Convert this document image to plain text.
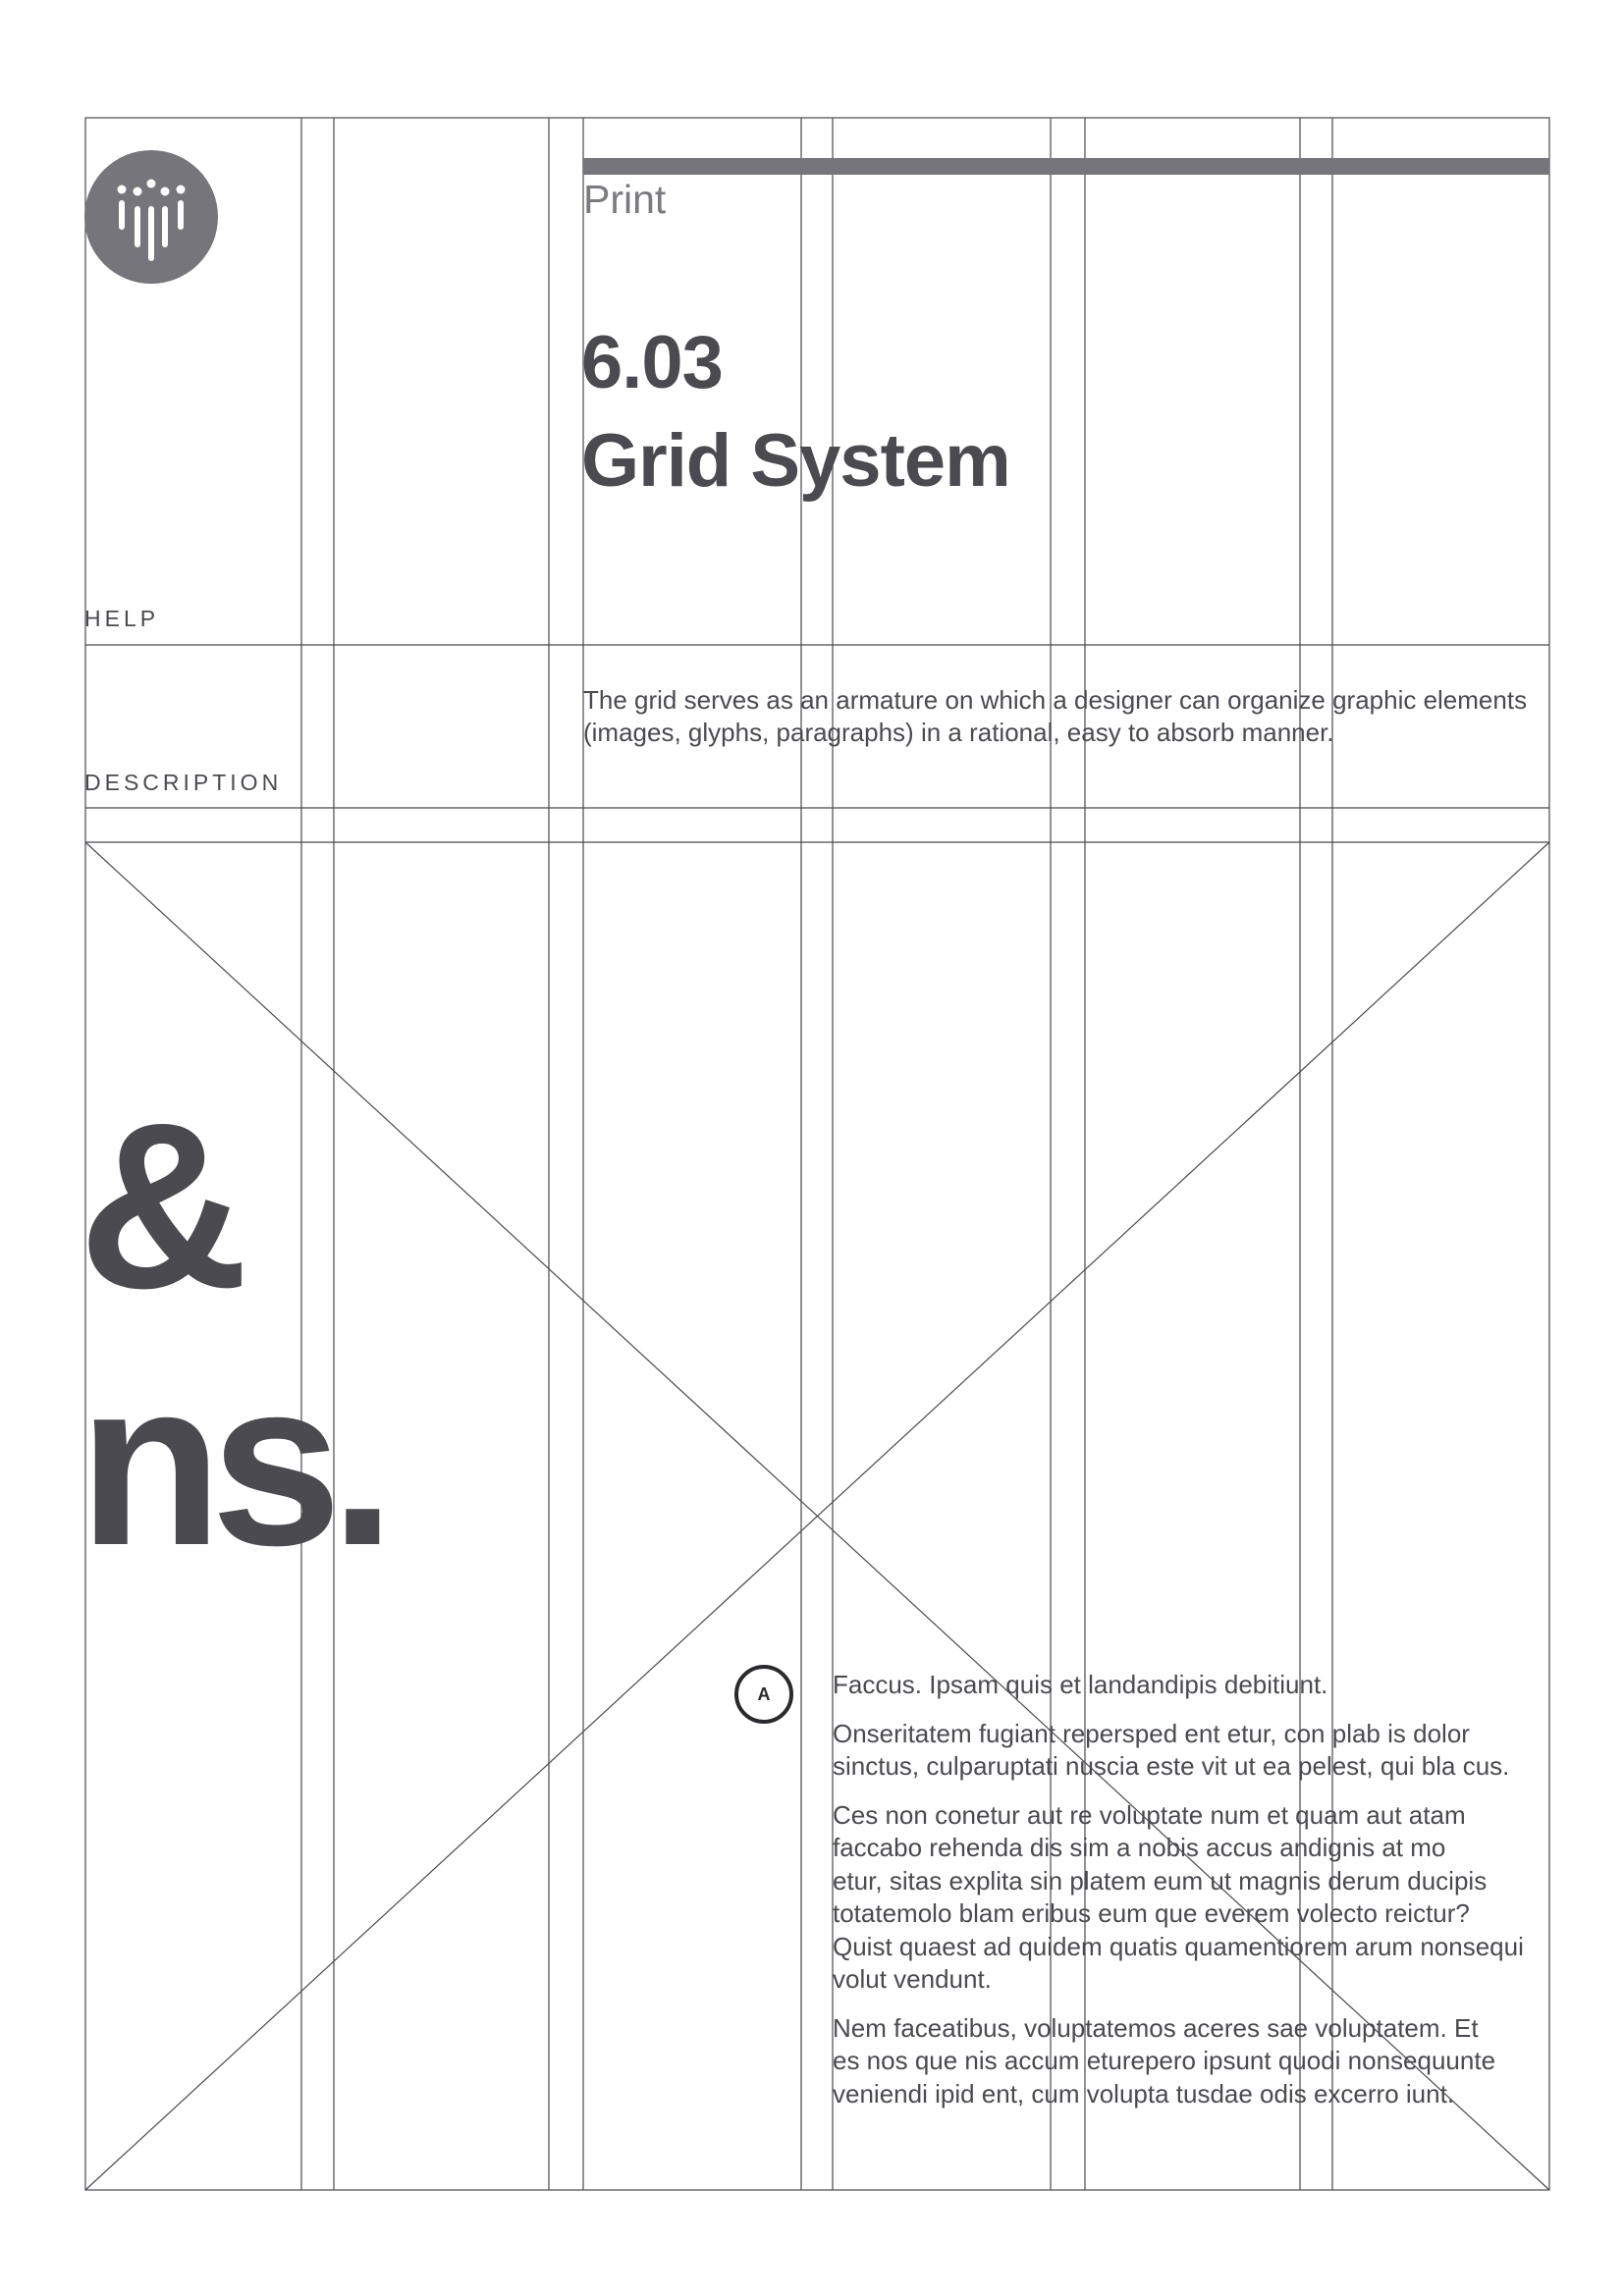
Print
6.03
Grid System
HELP
DESCRIPTION
The grid serves as an armature on which a designer can organize graphic elements
(images, glyphs, paragraphs) in a rational, easy to absorb manner.
&
ns.
A	Faccus. Ipsam quis et landandipis debitiunt.

Onseritatem fugiant repersped ent etur, con plab is dolor
sinctus, culparuptati nuscia este vit ut ea pelest, qui bla cus.

Ces non conetur aut re voluptate num et quam aut atam
faccabo rehenda dis sim a nobis accus andignis at mo
etur, sitas explita sin platem eum ut magnis derum ducipis
totatemolo blam eribus eum que everem volecto reictur?
Quist quaest ad quidem quatis quamentiorem arum nonsequi
volut vendunt.

Nem faceatibus, voluptatemos aceres sae voluptatem. Et
es nos que nis accum eturepero ipsunt quodi nonsequunte
veniendi ipid ent, cum volupta tusdae odis excerro iunt.
